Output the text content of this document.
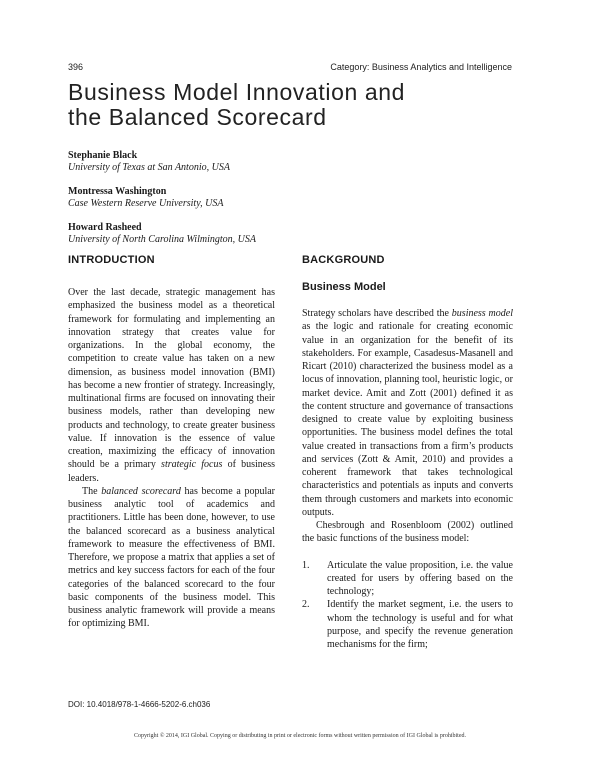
396	Category: Business Analytics and Intelligence
Business Model Innovation and
the Balanced Scorecard
Stephanie Black
University of Texas at San Antonio, USA
Montressa Washington
Case Western Reserve University, USA
Howard Rasheed
University of North Carolina Wilmington, USA
INTRODUCTION

Over the last decade, strategic management has emphasized the business model as a theoretical framework for formulating and implementing an innovation strategy that creates value for organizations. In the global economy, the competition to create value has taken on a new dimension, as business model innovation (BMI) has become a new frontier of strategy. Increasingly, multinational firms are focused on innovating their business models, rather than developing new products and technology, to create greater business value. If innovation is the essence of value creation, maximizing the efficacy of innovation should be a primary strategic focus of business leaders.

The balanced scorecard has become a popular business analytic tool of academics and practitioners. Little has been done, however, to use the balanced scorecard as a business analytical framework to measure the effectiveness of BMI. Therefore, we propose a matrix that applies a set of metrics and key success factors for each of the four categories of the balanced scorecard to the four basic components of the business model. This business analytic framework will provide a means for optimizing BMI.

BACKGROUND
Business Model

Strategy scholars have described the business model as the logic and rationale for creating economic value in an organization for the benefit of its stakeholders. For example, Casadesus-Masanell and Ricart (2010) characterized the business model as a locus of innovation, planning tool, heuristic logic, or market device. Amit and Zott (2001) defined it as the content structure and governance of transactions designed to create value by exploiting business opportunities. The business model defines the total value created in transactions from a firm’s products and services (Zott & Amit, 2010) and provides a coherent framework that takes technological characteristics and potentials as inputs and converts them through customers and markets into economic outputs.

Chesbrough and Rosenbloom (2002) outlined the basic functions of the business model:

1. Articulate the value proposition, i.e. the value created for users by offering based on the technology;
2. Identify the market segment, i.e. the users to whom the technology is useful and for what purpose, and specify the revenue generation mechanisms for the firm;
DOI: 10.4018/978-1-4666-5202-6.ch036
Copyright © 2014, IGI Global. Copying or distributing in print or electronic forms without written permission of IGI Global is prohibited.
